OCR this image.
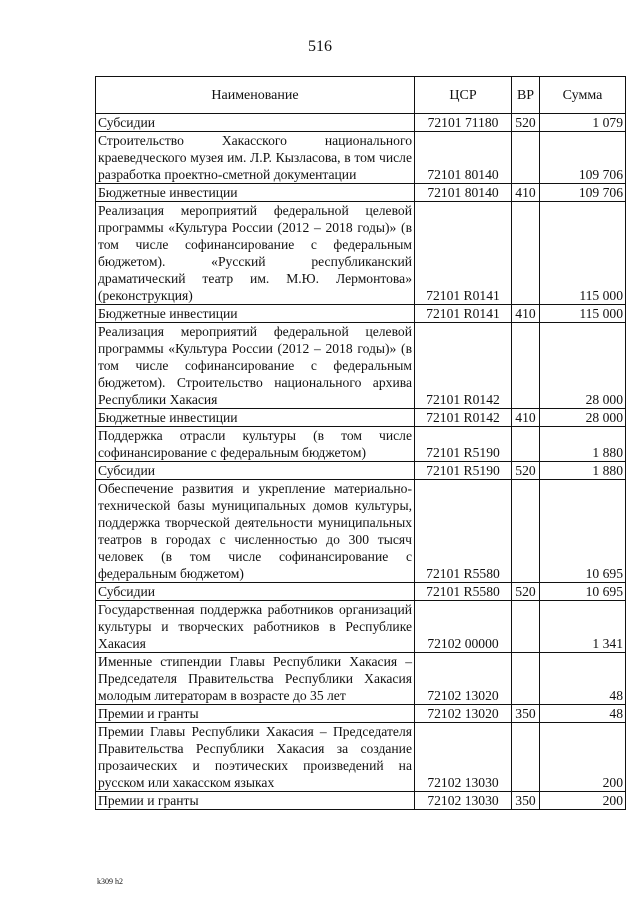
516
Наименование	ЦСР	ВР	Сумма
Субсидии	72101 71180	520	1 079
Строительство Хакасского национального краеведческого музея им. Л.Р. Кызласова, в том числе разработка проектно-сметной документации	72101 80140		109 706
Бюджетные инвестиции	72101 80140	410	109 706
Реализация мероприятий федеральной целевой программы «Культура России (2012 – 2018 годы)» (в том числе софинансирование с федеральным бюджетом). «Русский республиканский драматический театр им. М.Ю. Лермонтова» (реконструкция)	72101 R0141		115 000
Бюджетные инвестиции	72101 R0141	410	115 000
Реализация мероприятий федеральной целевой программы «Культура России (2012 – 2018 годы)» (в том числе софинансирование с федеральным бюджетом). Строительство национального архива Республики Хакасия	72101 R0142		28 000
Бюджетные инвестиции	72101 R0142	410	28 000
Поддержка отрасли культуры (в том числе софинансирование с федеральным бюджетом)	72101 R5190		1 880
Субсидии	72101 R5190	520	1 880
Обеспечение развития и укрепление материально-технической базы муниципальных домов культуры, поддержка творческой деятельности муниципальных театров в городах с численностью до 300 тысяч человек (в том числе софинансирование с федеральным бюджетом)	72101 R5580		10 695
Субсидии	72101 R5580	520	10 695
Государственная поддержка работников организаций культуры и творческих работников в Республике Хакасия	72102 00000		1 341
Именные стипендии Главы Республики Хакасия – Председателя Правительства Республики Хакасия молодым литераторам в возрасте до 35 лет	72102 13020		48
Премии и гранты	72102 13020	350	48
Премии Главы Республики Хакасия – Председателя Правительства Республики Хакасия за создание прозаических и поэтических произведений на русском или хакасском языках	72102 13030		200
Премии и гранты	72102 13030	350	200
k309 h2
